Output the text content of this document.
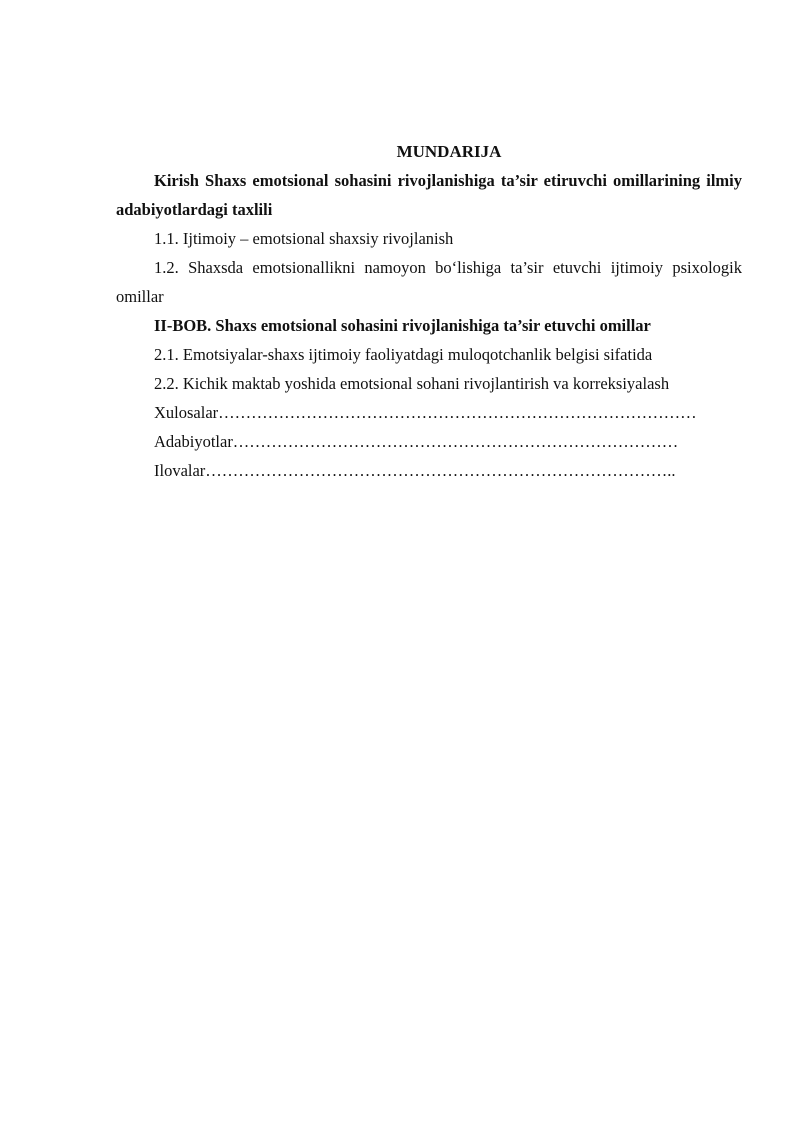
MUNDARIJA

Kirish Shaxs emotsional sohasini rivojlanishiga ta’sir etiruvchi omillarining ilmiy adabiyotlardagi taxlili

1.1. Ijtimoiy – emotsional shaxsiy rivojlanish

1.2. Shaxsda emotsionallikni namoyon bo‘lishiga ta’sir etuvchi ijtimoiy psixologik omillar

II-BOB. Shaxs emotsional sohasini rivojlanishiga ta’sir etuvchi omillar

2.1. Emotsiyalar-shaxs ijtimoiy faoliyatdagi muloqotchanlik belgisi sifatida

2.2. Kichik maktab yoshida emotsional sohani rivojlantirish va korreksiyalash

Xulosalar……………………………………………………………………………

Adabiyotlar………………………………………………………………………

Ilovalar…………………………………………………………………………..
